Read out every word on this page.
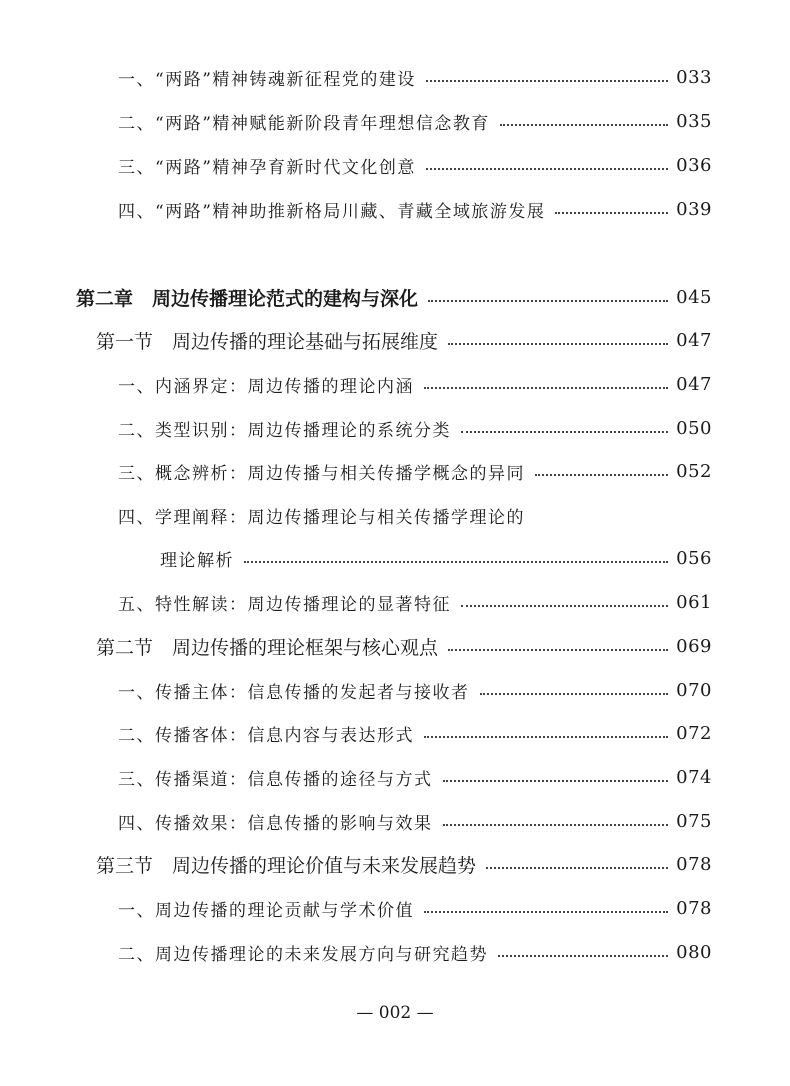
一、“两路”精神铸魂新征程党的建设	033
二、“两路”精神赋能新阶段青年理想信念教育	035
三、“两路”精神孕育新时代文化创意	036
四、“两路”精神助推新格局川藏、青藏全域旅游发展	039
第二章　周边传播理论范式的建构与深化	045
第一节　周边传播的理论基础与拓展维度	047
一、内涵界定：周边传播的理论内涵	047
二、类型识别：周边传播理论的系统分类	050
三、概念辨析：周边传播与相关传播学概念的异同	052
四、学理阐释：周边传播理论与相关传播学理论的
理论解析	056
五、特性解读：周边传播理论的显著特征	061
第二节　周边传播的理论框架与核心观点	069
一、传播主体：信息传播的发起者与接收者	070
二、传播客体：信息内容与表达形式	072
三、传播渠道：信息传播的途径与方式	074
四、传播效果：信息传播的影响与效果	075
第三节　周边传播的理论价值与未来发展趋势	078
一、周边传播的理论贡献与学术价值	078
二、周边传播理论的未来发展方向与研究趋势	080
— 002 —
